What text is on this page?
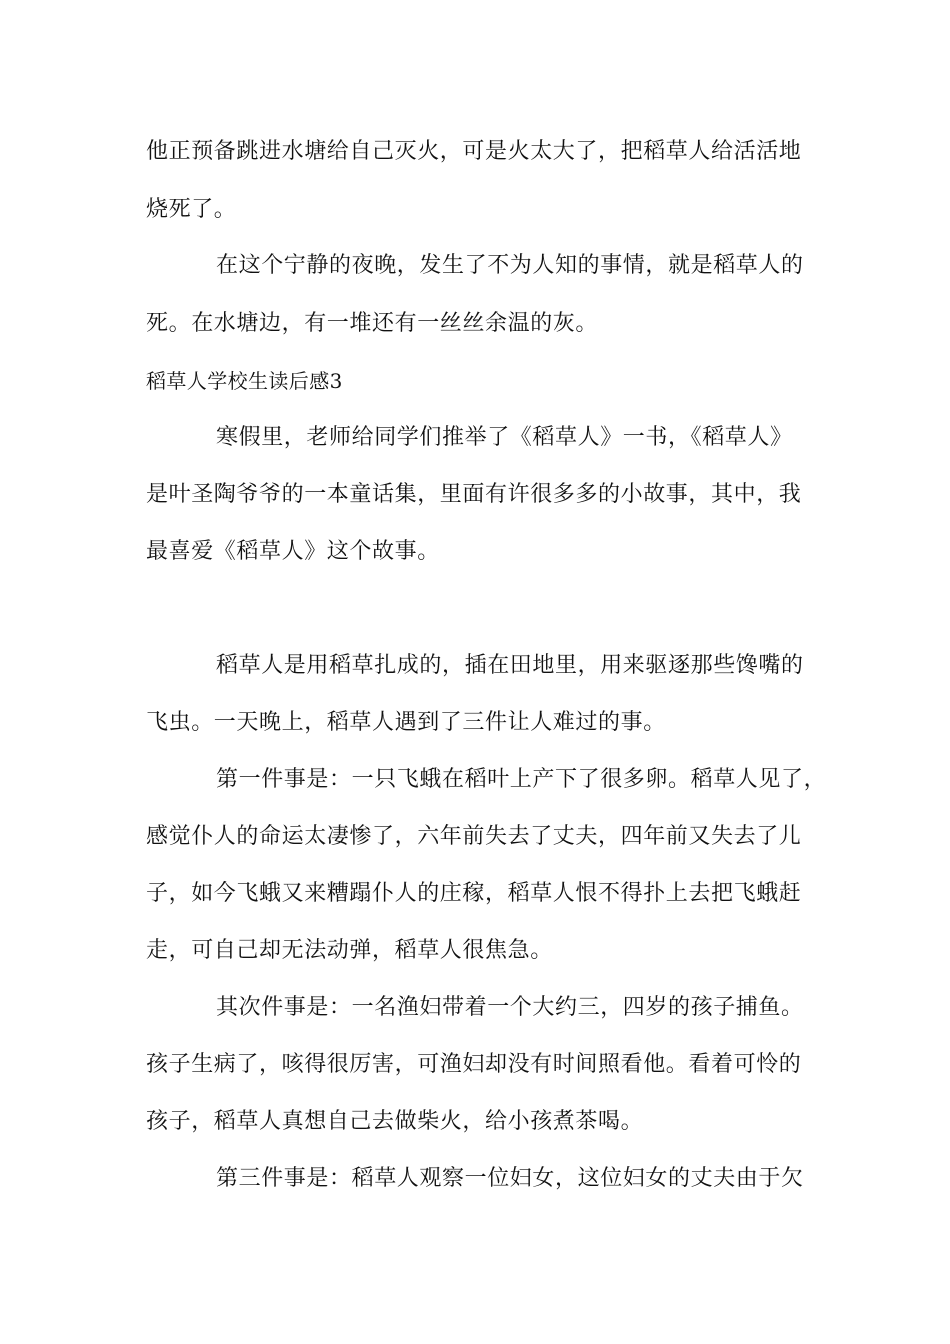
他正预备跳进水塘给自己灭火，可是火太大了，把稻草人给活活地
烧死了。
在这个宁静的夜晚，发生了不为人知的事情，就是稻草人的
死。在水塘边，有一堆还有一丝丝余温的灰。
稻草人学校生读后感3
寒假里，老师给同学们推举了《稻草人》一书，《稻草人》
是叶圣陶爷爷的一本童话集，里面有许很多多的小故事，其中，我
最喜爱《稻草人》这个故事。
稻草人是用稻草扎成的，插在田地里，用来驱逐那些馋嘴的
飞虫。一天晚上，稻草人遇到了三件让人难过的事。
第一件事是：一只飞蛾在稻叶上产下了很多卵。稻草人见了，
感觉仆人的命运太凄惨了，六年前失去了丈夫，四年前又失去了儿
子，如今飞蛾又来糟蹋仆人的庄稼，稻草人恨不得扑上去把飞蛾赶
走，可自己却无法动弹，稻草人很焦急。
其次件事是：一名渔妇带着一个大约三，四岁的孩子捕鱼。
孩子生病了，咳得很厉害，可渔妇却没有时间照看他。看着可怜的
孩子，稻草人真想自己去做柴火，给小孩煮茶喝。
第三件事是：稻草人观察一位妇女，这位妇女的丈夫由于欠
